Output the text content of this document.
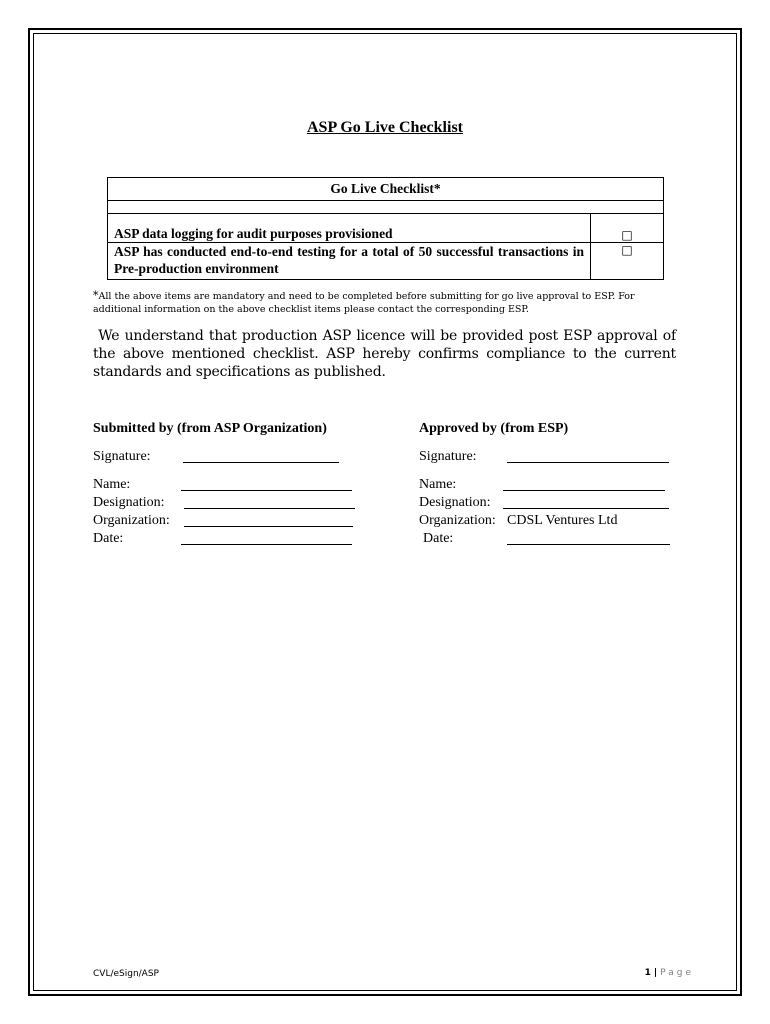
ASP Go Live Checklist
Go Live Checklist*	

ASP data logging for audit purposes provisioned	□
ASP has conducted end-to-end testing for a total of 50 successful transactions in Pre-production environment	□
*All the above items are mandatory and need to be completed before submitting for go live approval to ESP. For additional information on the above checklist items please contact the corresponding ESP.
We understand that production ASP licence will be provided post ESP approval of the above mentioned checklist. ASP hereby confirms compliance to the current standards and specifications as published.
Submitted by (from ASP Organization)
Signature:
Name:
Designation:
Organization:
Date:
Approved by (from ESP)
Signature:
Name:
Designation:
Organization: CDSL Ventures Ltd
Date:
CVL/eSign/ASP	1 | Page
